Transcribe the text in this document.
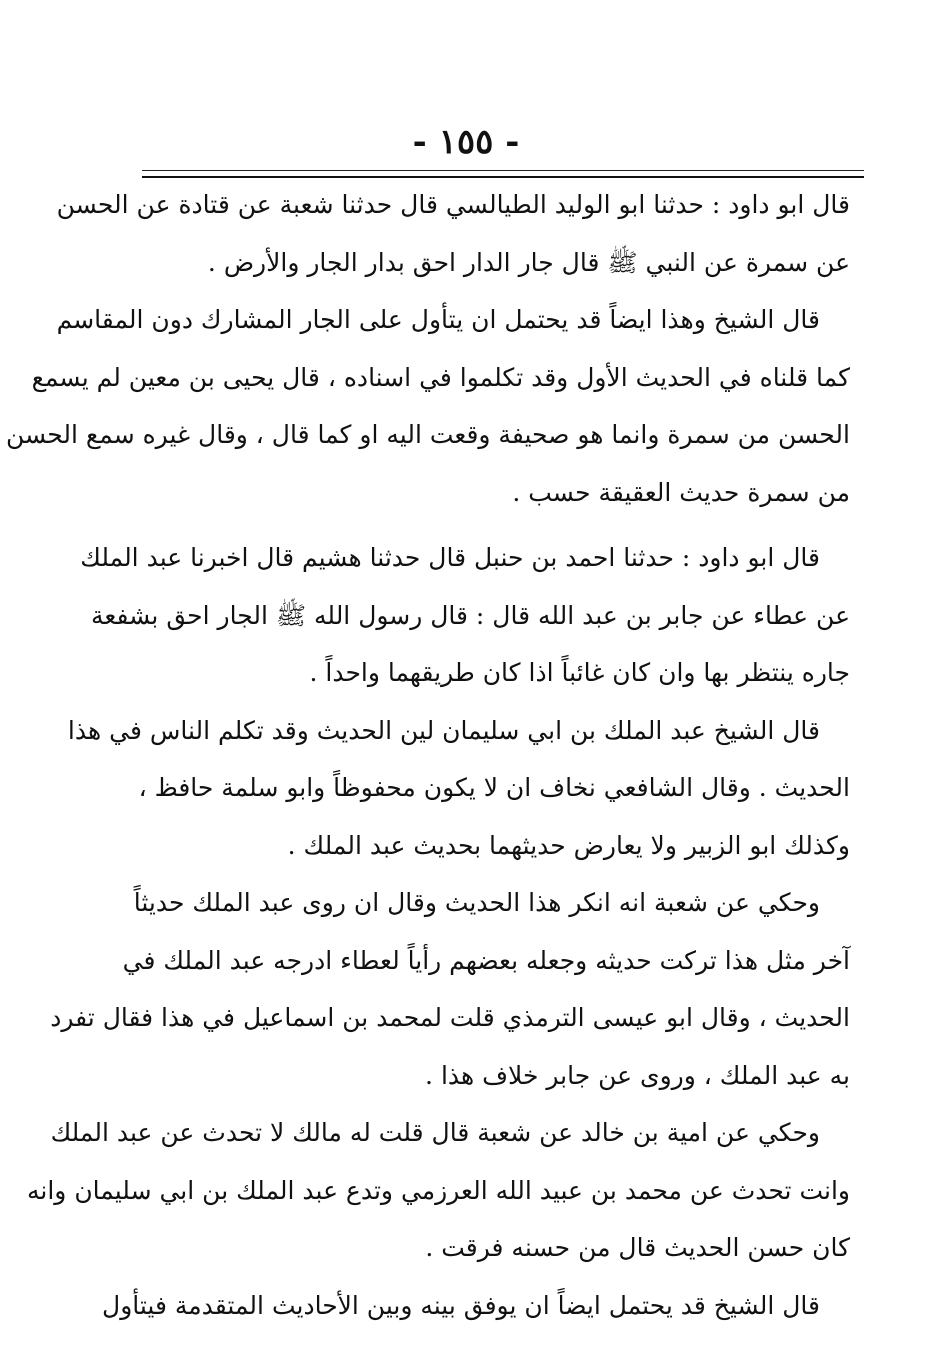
- ١٥٥ -
قال ابو داود : حدثنا ابو الوليد الطيالسي قال حدثنا شعبة عن قتادة عن الحسن
عن سمرة عن النبي ﷺ قال جار الدار احق بدار الجار والأرض .
قال الشيخ وهذا ايضاً قد يحتمل ان يتأول على الجار المشارك دون المقاسم
كما قلناه في الحديث الأول وقد تكلموا في اسناده ، قال يحيى بن معين لم يسمع
الحسن من سمرة وانما هو صحيفة وقعت اليه او كما قال ، وقال غيره سمع الحسن
من سمرة حديث العقيقة حسب .
قال ابو داود : حدثنا احمد بن حنبل قال حدثنا هشيم قال اخبرنا عبد الملك
عن عطاء عن جابر بن عبد الله قال : قال رسول الله ﷺ الجار احق بشفعة
جاره ينتظر بها وان كان غائباً اذا كان طريقهما واحداً .
قال الشيخ عبد الملك بن ابي سليمان لين الحديث وقد تكلم الناس في هذا
الحديث . وقال الشافعي نخاف ان لا يكون محفوظاً وابو سلمة حافظ ،
وكذلك ابو الزبير ولا يعارض حديثهما بحديث عبد الملك .
وحكي عن شعبة انه انكر هذا الحديث وقال ان روى عبد الملك حديثاً
آخر مثل هذا تركت حديثه وجعله بعضهم رأياً لعطاء ادرجه عبد الملك في
الحديث ، وقال ابو عيسى الترمذي قلت لمحمد بن اسماعيل في هذا فقال تفرد
به عبد الملك ، وروى عن جابر خلاف هذا .
وحكي عن امية بن خالد عن شعبة قال قلت له مالك لا تحدث عن عبد الملك
وانت تحدث عن محمد بن عبيد الله العرزمي وتدع عبد الملك بن ابي سليمان وانه
كان حسن الحديث قال من حسنه فرقت .
قال الشيخ قد يحتمل ايضاً ان يوفق بينه وبين الأحاديث المتقدمة فيتأول
